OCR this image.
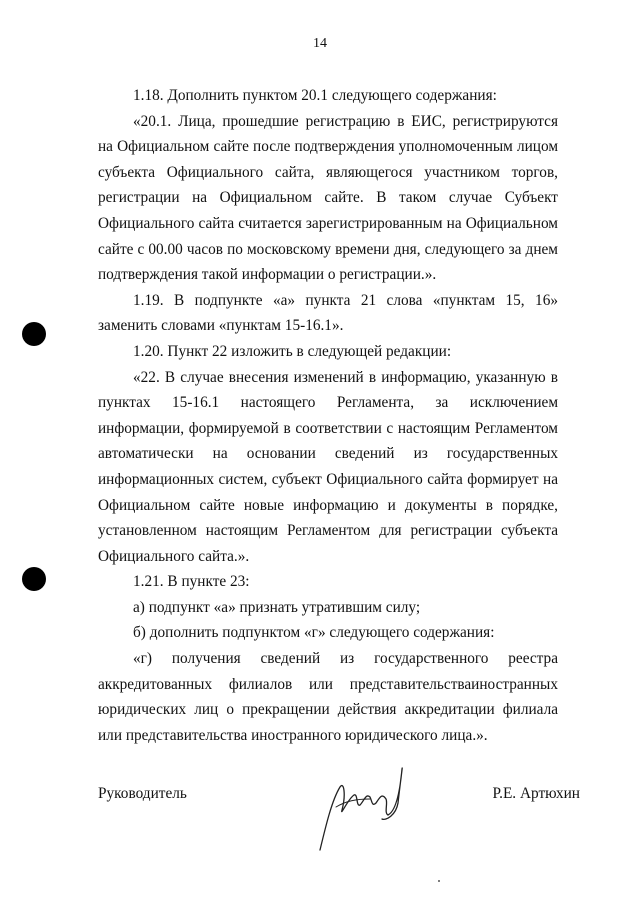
14

1.18. Дополнить пунктом 20.1 следующего содержания:

«20.1. Лица, прошедшие регистрацию в ЕИС, регистрируются на Официальном сайте после подтверждения уполномоченным лицом субъекта Официального сайта, являющегося участником торгов, регистрации на Официальном сайте. В таком случае Субъект Официального сайта считается зарегистрированным на Официальном сайте с 00.00 часов по московскому времени дня, следующего за днем подтверждения такой информации о регистрации.».

1.19. В подпункте «а» пункта 21 слова «пунктам 15, 16» заменить словами «пунктам 15-16.1».

1.20. Пункт 22 изложить в следующей редакции:

«22. В случае внесения изменений в информацию, указанную в пунктах 15-16.1 настоящего Регламента, за исключением информации, формируемой в соответствии с настоящим Регламентом автоматически на основании сведений из государственных информационных систем, субъект Официального сайта формирует на Официальном сайте новые информацию и документы в порядке, установленном настоящим Регламентом для регистрации субъекта Официального сайта.».

1.21. В пункте 23:

а) подпункт «а» признать утратившим силу;

б) дополнить подпунктом «г» следующего содержания:

«г) получения сведений из государственного реестра аккредитованных филиалов или представительстваиностранных юридических лиц о прекращении действия аккредитации филиала или представительства иностранного юридического лица.».

Руководитель	Р.Е. Артюхин
